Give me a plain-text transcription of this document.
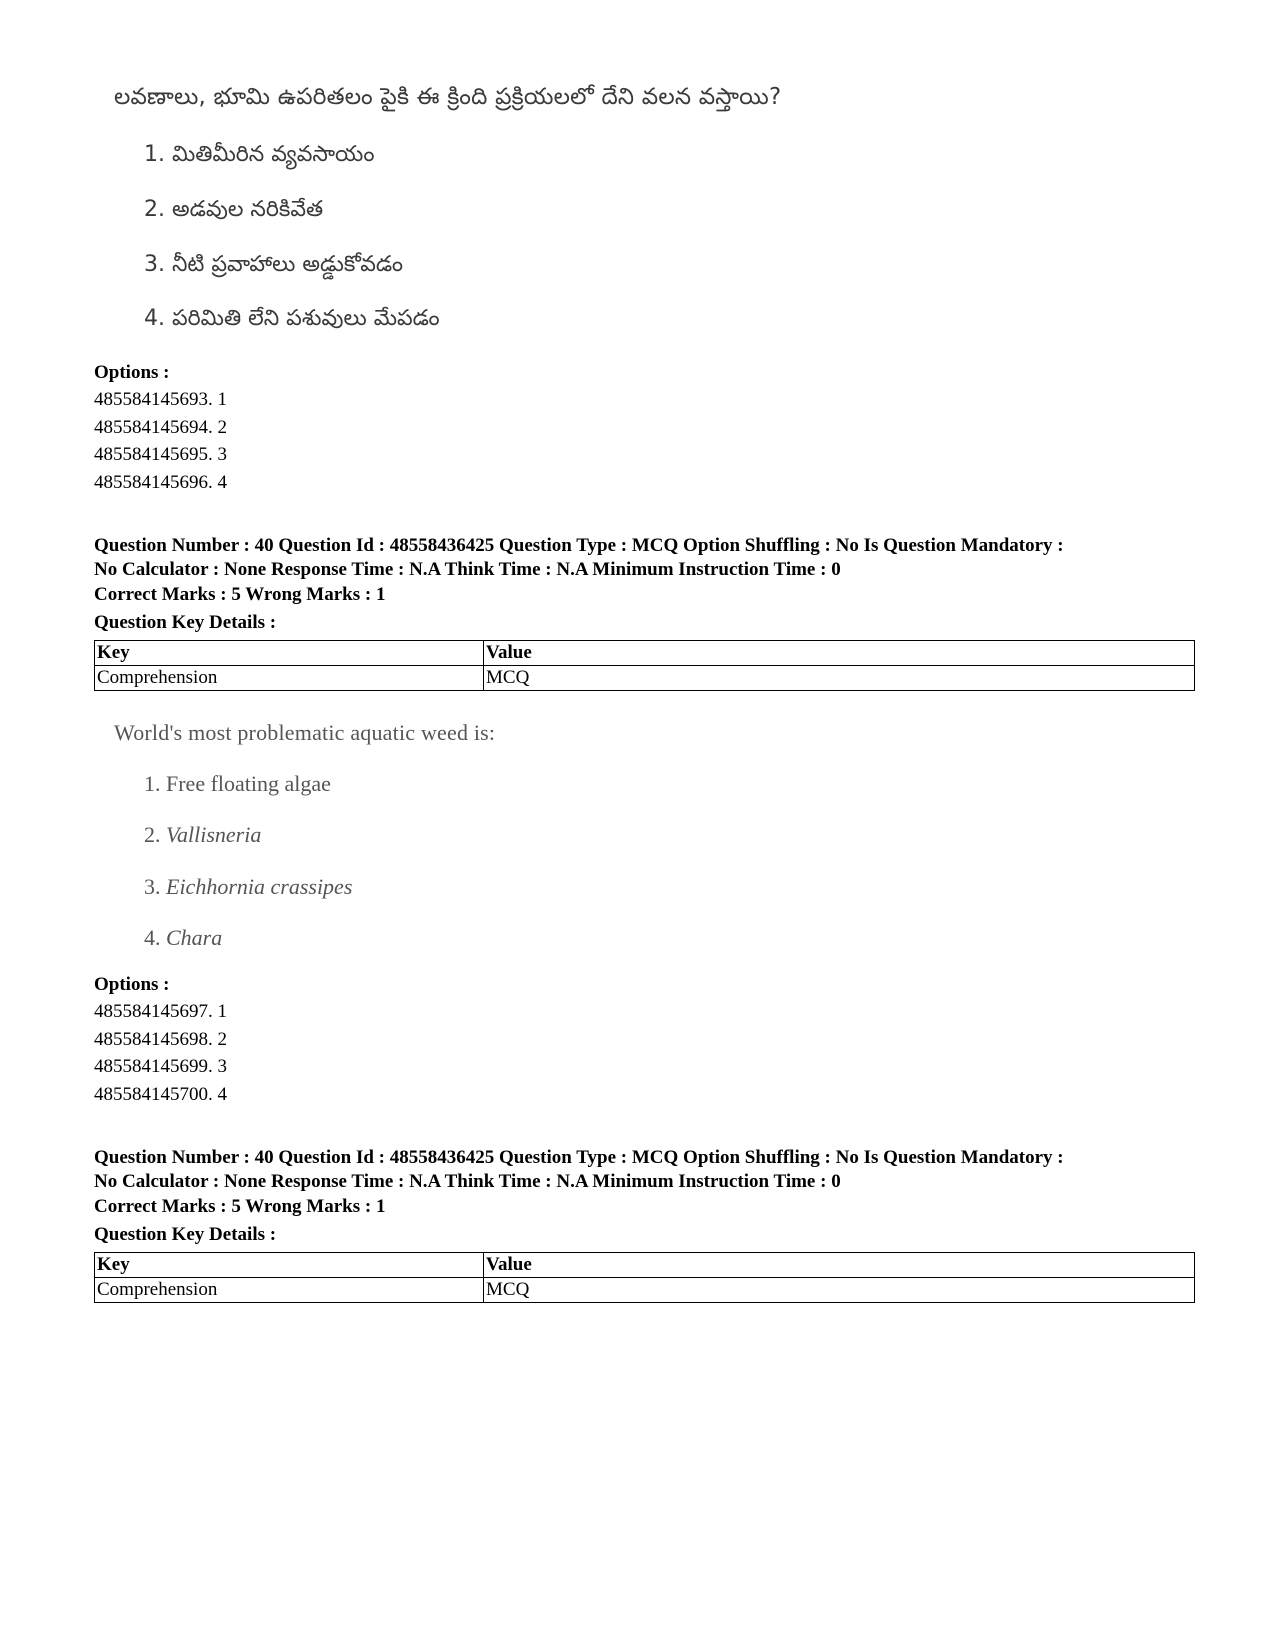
లవణాలు, భూమి ఉపరితలం పైకి ఈ క్రింది ప్రక్రియలలో దేని వలన వస్తాయి?
1. మితిమీరిన వ్యవసాయం
2. అడవుల నరికివేత
3. నీటి ప్రవాహాలు అడ్డుకోవడం
4. పరిమితి లేని పశువులు మేపడం
Options :
485584145693. 1
485584145694. 2
485584145695. 3
485584145696. 4
Question Number : 40 Question Id : 48558436425 Question Type : MCQ Option Shuffling : No Is Question Mandatory :
No Calculator : None Response Time : N.A Think Time : N.A Minimum Instruction Time : 0
Correct Marks : 5 Wrong Marks : 1
Question Key Details :
Key	Value
Comprehension	MCQ
World's most problematic aquatic weed is:
1. Free floating algae
2. Vallisneria
3. Eichhornia crassipes
4. Chara
Options :
485584145697. 1
485584145698. 2
485584145699. 3
485584145700. 4
Question Number : 40 Question Id : 48558436425 Question Type : MCQ Option Shuffling : No Is Question Mandatory :
No Calculator : None Response Time : N.A Think Time : N.A Minimum Instruction Time : 0
Correct Marks : 5 Wrong Marks : 1
Question Key Details :
Key	Value
Comprehension	MCQ
